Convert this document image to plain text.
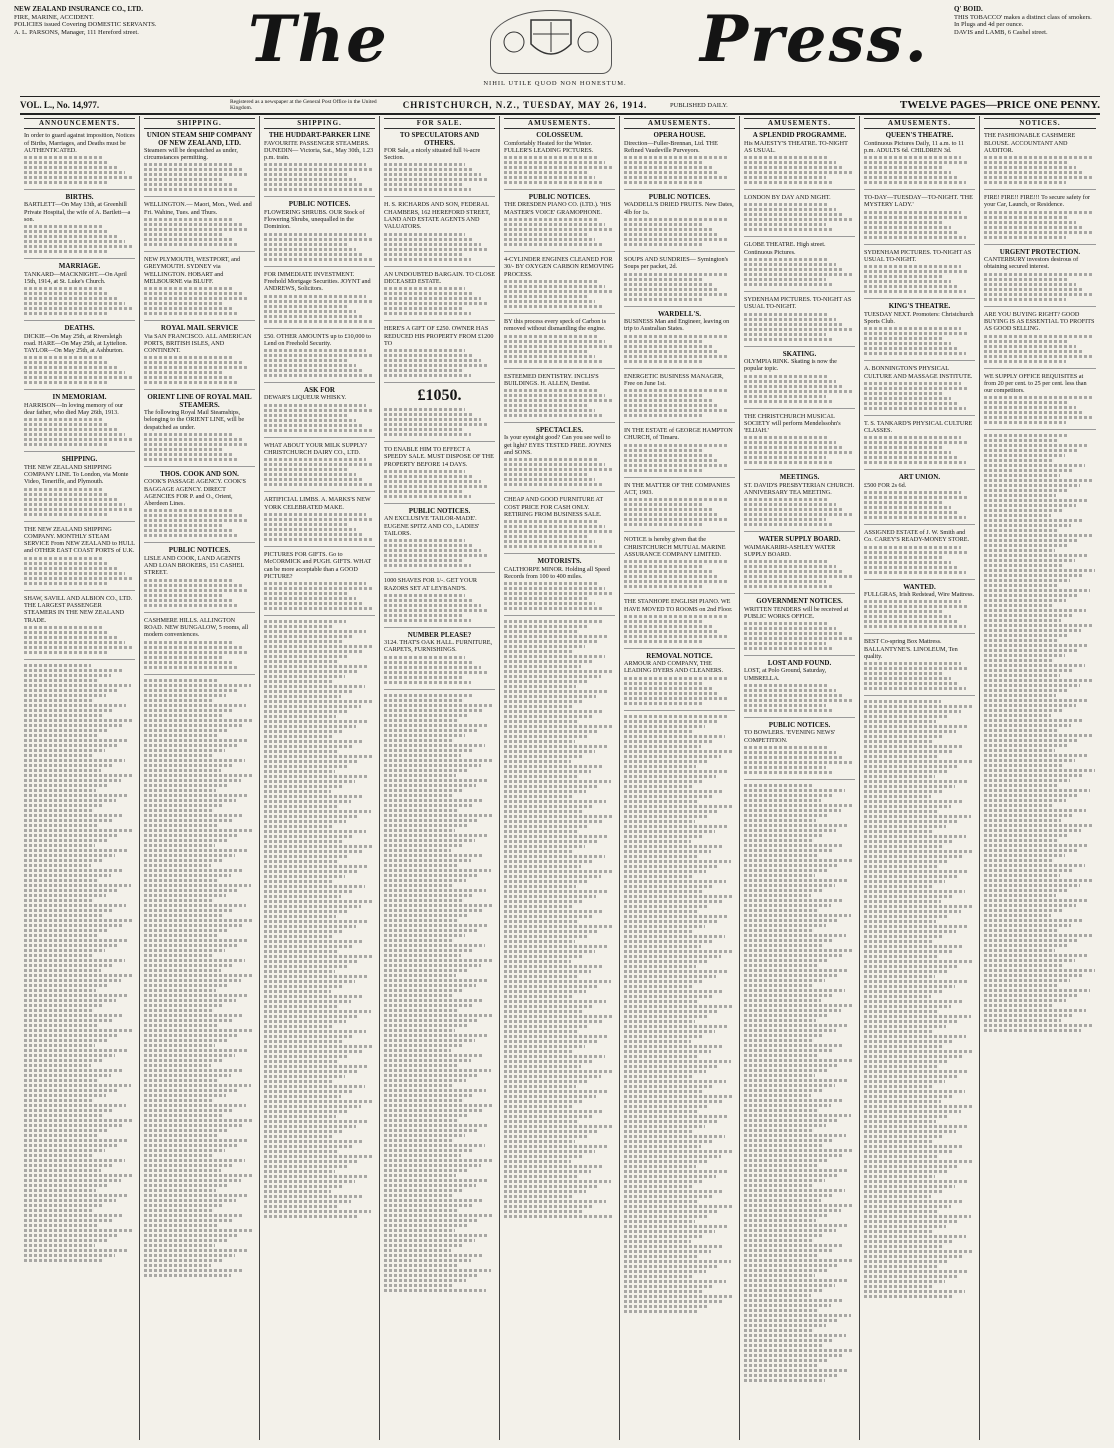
NEW ZEALAND INSURANCE CO., LTD.
FIRE, MARINE, ACCIDENT.
POLICIES issued Covering DOMESTIC SERVANTS.
A. L. PARSONS, Manager, 111 Hereford street.	The	Press.
NIHIL UTILE QUOD NON HONESTUM.
Q' BOID.
THIS TOBACCO' makes a distinct class of smokers.
In Plugs and 4d per ounce.
DAVIS and LAMB, 6 Cashel street.
VOL. L., No. 14,977.	Registered as a newspaper at the General Post Office in the United Kingdom.	CHRISTCHURCH, N.Z., TUESDAY, MAY 26, 1914.	PUBLISHED DAILY.	TWELVE PAGES—PRICE ONE PENNY.
ANNOUNCEMENTS.
In order to guard against imposition, Notices of Births, Marriages, and Deaths must be AUTHENTICATED.
BIRTHS.
BARTLETT—On May 13th, at Greenhill Private Hospital, the wife of A. Bartlett—a son.
MARRIAGE.
TANKARD—MACKNIGHT.—On April 15th, 1914, at St. Luke's Church.
DEATHS.
DICKIE—On May 25th, at Riversleigh road. HARE—On May 25th, at Lyttelton. TAYLOR—On May 25th, at Ashburton.
IN MEMORIAM.
HARRISON—In loving memory of our dear father, who died May 26th, 1913.
SHIPPING.
THE NEW ZEALAND SHIPPING COMPANY LINE. To London, via Monte Video, Teneriffe, and Plymouth.
THE NEW ZEALAND SHIPPING COMPANY. MONTHLY STEAM SERVICE From NEW ZEALAND to HULL and OTHER EAST COAST PORTS of U.K.
SHAW, SAVILL AND ALBION CO., LTD. THE LARGEST PASSENGER STEAMERS IN THE NEW ZEALAND TRADE.
SHIPPING.
UNION STEAM SHIP COMPANY OF NEW ZEALAND, LTD.
Steamers will be despatched as under, circumstances permitting.
WELLINGTON.— Maori, Mon., Wed. and Fri. Wahine, Tues. and Thurs.
NEW PLYMOUTH, WESTPORT, and GREYMOUTH. SYDNEY via WELLINGTON. HOBART and MELBOURNE via BLUFF.
ROYAL MAIL SERVICE
Via SAN FRANCISCO. ALL AMERICAN PORTS, BRITISH ISLES, AND CONTINENT.
ORIENT LINE OF ROYAL MAIL STEAMERS.
The following Royal Mail Steamships, belonging to the ORIENT LINE, will be despatched as under.
THOS. COOK AND SON.
COOK'S PASSAGE AGENCY. COOK'S BAGGAGE AGENCY. DIRECT AGENCIES FOR P. and O., Orient, Aberdeen Lines.
PUBLIC NOTICES.
LISLE AND COOK, LAND AGENTS AND LOAN BROKERS, 151 CASHEL STREET.
CASHMERE HILLS. ALLINGTON ROAD. NEW BUNGALOW, 5 rooms, all modern conveniences.
SHIPPING.
THE HUDDART-PARKER LINE
FAVOURITE PASSENGER STEAMERS. DUNEDIN— Victoria, Sat., May 30th, 1.23 p.m. train.
PUBLIC NOTICES.
FLOWERING SHRUBS. OUR Stock of Flowering Shrubs, unequalled in the Dominion.
FOR IMMEDIATE INVESTMENT. Freehold Mortgage Securities. JOYNT and ANDREWS, Solicitors.
£50. OTHER AMOUNTS up to £10,000 to Lend on Freehold Security.
ASK FOR
DEWAR'S LIQUEUR WHISKY.
WHAT ABOUT YOUR MILK SUPPLY? CHRISTCHURCH DAIRY CO., LTD.
ARTIFICIAL LIMBS. A. MARKS'S NEW YORK CELEBRATED MAKE.
PICTURES FOR GIFTS. Go to McCORMICK and PUGH. GIFTS. WHAT can be more acceptable than a GOOD PICTURE?
FOR SALE.
TO SPECULATORS AND OTHERS.
FOR Sale, a nicely situated full ¼-acre Section.
H. S. RICHARDS AND SON, FEDERAL CHAMBERS, 162 HEREFORD STREET, LAND AND ESTATE AGENTS AND VALUATORS.
AN UNDOUBTED BARGAIN. TO CLOSE DECEASED ESTATE.
HERE'S A GIFT OF £250. OWNER HAS REDUCED HIS PROPERTY FROM £1200 TO
£1050.
TO ENABLE HIM TO EFFECT A SPEEDY SALE. MUST DISPOSE OF THE PROPERTY BEFORE 14 DAYS.
PUBLIC NOTICES.
AN EXCLUSIVE 'TAILOR-MADE'. EUGENE SPITZ AND CO., LADIES' TAILORS.
1000 SHAVES FOR 1/-. GET YOUR RAZORS SET AT LEYBAND'S.
NUMBER PLEASE?
3124. THAT'S OAK HALL. FURNITURE, CARPETS, FURNISHINGS.
AMUSEMENTS.
COLOSSEUM.
Comfortably Heated for the Winter. FULLER'S LEADING PICTURES.
PUBLIC NOTICES.
THE DRESDEN PIANO CO. (LTD.). 'HIS MASTER'S VOICE' GRAMOPHONE.
4-CYLINDER ENGINES CLEANED FOR 30/- BY OXYGEN CARBON REMOVING PROCESS.
BY this process every speck of Carbon is removed without dismantling the engine.
ESTEEMED DENTISTRY. INCLIS'S BUILDINGS. H. ALLEN, Dentist.
SPECTACLES.
Is your eyesight good? Can you see well to get light? EYES TESTED FREE. JOYNES and SONS.
CHEAP AND GOOD FURNITURE AT COST PRICE FOR CASH ONLY. RETIRING FROM BUSINESS SALE.
MOTORISTS.
CALTHORPE MINOR. Holding all Speed Records from 100 to 400 miles.
AMUSEMENTS.
OPERA HOUSE.
Direction—Fuller-Brennan, Ltd. THE Refined Vaudeville Purveyors.
PUBLIC NOTICES.
WADDELL'S DRIED FRUITS. New Dates, 4lb for 1s.
SOUPS AND SUNDRIES— Symington's Soups per packet, 2d.
WARDELL'S.
BUSINESS Man and Engineer, leaving on trip to Australian States.
ENERGETIC BUSINESS MANAGER, Free on June 1st.
IN THE ESTATE of GEORGE HAMPTON CHURCH, of Timaru.
IN THE MATTER OF THE COMPANIES ACT, 1903.
NOTICE is hereby given that the CHRISTCHURCH MUTUAL MARINE ASSURANCE COMPANY LIMITED.
THE STANHOPE ENGLISH PIANO. WE HAVE MOVED TO ROOMS on 2nd Floor.
REMOVAL NOTICE.
ARMOUR AND COMPANY, THE LEADING DYERS AND CLEANERS.
AMUSEMENTS.
A SPLENDID PROGRAMME.
His MAJESTY'S THEATRE. TO-NIGHT AS USUAL.
LONDON BY DAY AND NIGHT.
GLOBE THEATRE. High street. Continuous Pictures.
SYDENHAM PICTURES. TO-NIGHT AS USUAL TO-NIGHT.
SKATING.
OLYMPIA RINK. Skating is now the popular topic.
THE CHRISTCHURCH MUSICAL SOCIETY will perform Mendelssohn's 'ELIJAH.'
MEETINGS.
ST. DAVID'S PRESBYTERIAN CHURCH. ANNIVERSARY TEA MEETING.
WATER SUPPLY BOARD.
WAIMAKARIRI-ASHLEY WATER SUPPLY BOARD.
GOVERNMENT NOTICES.
WRITTEN TENDERS will be received at PUBLIC WORKS OFFICE.
LOST AND FOUND.
LOST, at Polo Ground, Saturday, UMBRELLA.
PUBLIC NOTICES.
TO BOWLERS. 'EVENING NEWS' COMPETITION.
AMUSEMENTS.
QUEEN'S THEATRE.
Continuous Pictures Daily, 11 a.m. to 11 p.m. ADULTS 6d. CHILDREN 3d.
TO-DAY—TUESDAY—TO-NIGHT. 'THE MYSTERY LADY.'
SYDENHAM PICTURES. TO-NIGHT AS USUAL TO-NIGHT.
KING'S THEATRE.
TUESDAY NEXT. Promoters: Christchurch Sports Club.
A. BONNINGTON'S PHYSICAL CULTURE AND MASSAGE INSTITUTE.
T. S. TANKARD'S PHYSICAL CULTURE CLASSES.
ART UNION.
£500 FOR 2s 6d.
ASSIGNED ESTATE of J. W. Smith and Co. CAREY'S READY-MONEY STORE.
WANTED.
FULLGRAS, Irish Redstead, Wire Mattress.
BEST Co-spring Box Mattress. BALLANTYNE'S. LINOLEUM, Ten quality.
NOTICES.
THE FASHIONABLE CASHMERE BLOUSE. ACCOUNTANT AND AUDITOR.
FIRE! FIRE!! FIRE!!! To secure safety for your Car, Launch, or Residence.
URGENT PROTECTION.
CANTERBURY investors desirous of obtaining secured interest.
ARE YOU BUYING RIGHT? GOOD BUYING IS AS ESSENTIAL TO PROFITS AS GOOD SELLING.
WE SUPPLY OFFICE REQUISITES at from 20 per cent. to 25 per cent. less than our competitors.
